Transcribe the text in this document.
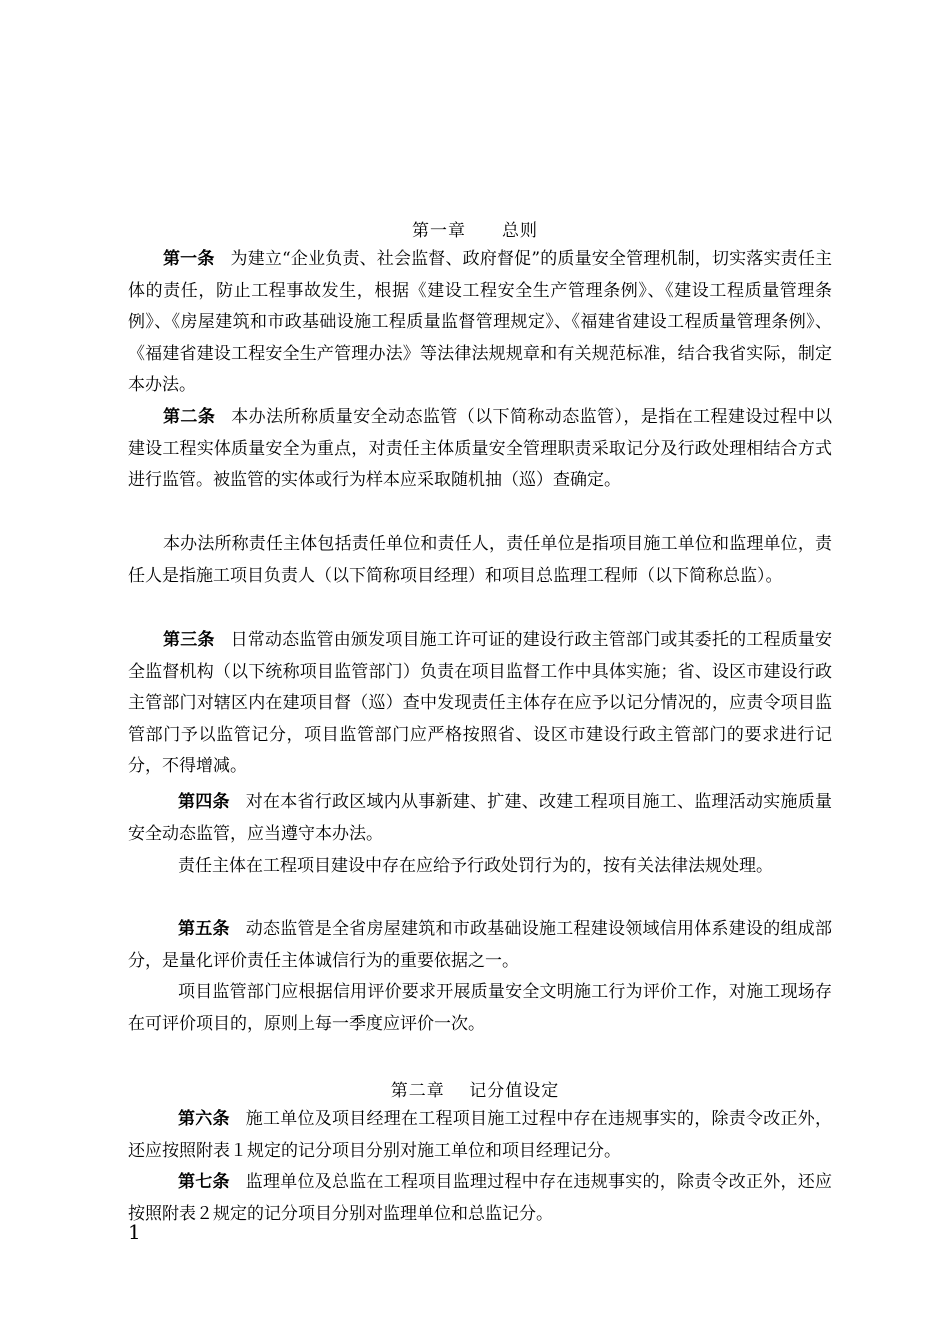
第一章　　总则

第一条 为建立“企业负责、社会监督、政府督促”的质量安全管理机制，切实落实责任主体的责任，防止工程事故发生，根据《建设工程安全生产管理条例》、《建设工程质量管理条例》、《房屋建筑和市政基础设施工程质量监督管理规定》、《福建省建设工程质量管理条例》、《福建省建设工程安全生产管理办法》等法律法规规章和有关规范标准，结合我省实际，制定本办法。

第二条 本办法所称质量安全动态监管（以下简称动态监管），是指在工程建设过程中以建设工程实体质量安全为重点，对责任主体质量安全管理职责采取记分及行政处理相结合方式进行监管。被监管的实体或行为样本应采取随机抽（巡）查确定。

本办法所称责任主体包括责任单位和责任人，责任单位是指项目施工单位和监理单位，责任人是指施工项目负责人（以下简称项目经理）和项目总监理工程师（以下简称总监）。

第三条 日常动态监管由颁发项目施工许可证的建设行政主管部门或其委托的工程质量安全监督机构（以下统称项目监管部门）负责在项目监督工作中具体实施；省、设区市建设行政主管部门对辖区内在建项目督（巡）查中发现责任主体存在应予以记分情况的，应责令项目监管部门予以监管记分，项目监管部门应严格按照省、设区市建设行政主管部门的要求进行记分，不得增减。

第四条 对在本省行政区域内从事新建、扩建、改建工程项目施工、监理活动实施质量安全动态监管，应当遵守本办法。

责任主体在工程项目建设中存在应给予行政处罚行为的，按有关法律法规处理。

第五条 动态监管是全省房屋建筑和市政基础设施工程建设领域信用体系建设的组成部分，是量化评价责任主体诚信行为的重要依据之一。

项目监管部门应根据信用评价要求开展质量安全文明施工行为评价工作，对施工现场存在可评价项目的，原则上每一季度应评价一次。

第二章　 记分值设定

第六条 施工单位及项目经理在工程项目施工过程中存在违规事实的，除责令改正外，还应按照附表１规定的记分项目分别对施工单位和项目经理记分。

第七条 监理单位及总监在工程项目监理过程中存在违规事实的，除责令改正外，还应按照附表２规定的记分项目分别对监理单位和总监记分。

1
